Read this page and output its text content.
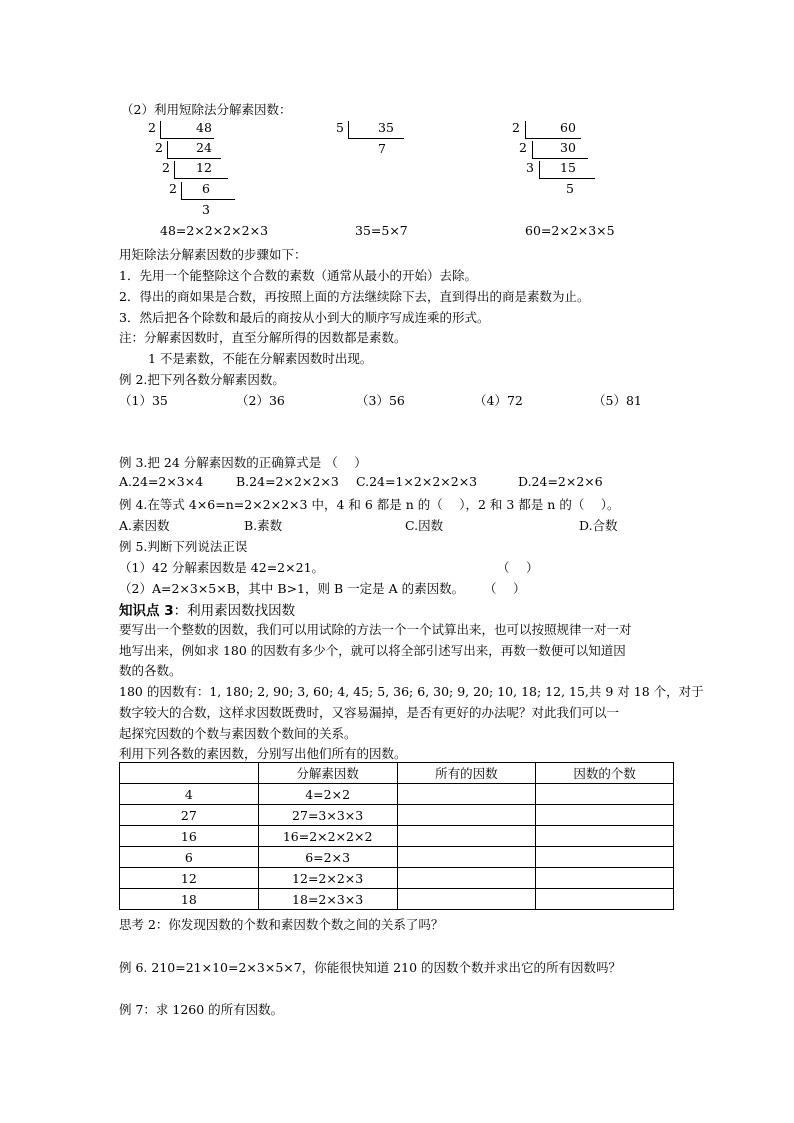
（2）利用短除法分解素因数：
2	48
2	24
2 12
2 6
3
48=2×2×2×2×3
5	35
7
35=5×7
2	60
2	30
3 15
5
60=2×2×3×5
用矩除法分解素因数的步骤如下：
1．先用一个能整除这个合数的素数（通常从最小的开始）去除。
2．得出的商如果是合数，再按照上面的方法继续除下去，直到得出的商是素数为止。
3．然后把各个除数和最后的商按从小到大的顺序写成连乘的形式。
注：分解素因数时，直至分解所得的因数都是素数。
1 不是素数，不能在分解素因数时出现。
例 2.把下列各数分解素因数。
（1）35	（2）36	（3）56	（4）72	（5）81
例 3.把 24 分解素因数的正确算式是 （　 ）
A.24=2×3×4	B.24=2×2×2×3 C.24=1×2×2×2×3	D.24=2×2×6
例 4.在等式 4×6=n=2×2×2×3 中，4 和 6 都是 n 的（　 ），2 和 3 都是 n 的（　 ）。
A.素因数	B.素数	C.因数	D.合数
例 5.判断下列说法正误
（1）42 分解素因数是 42=2×21。	（　 ）
（2）A=2×3×5×B，其中 B>1，则 B 一定是 A 的素因数。 （　 ）
知识点 3：利用素因数找因数
要写出一个整数的因数，我们可以用试除的方法一个一个试算出来，也可以按照规律一对一对
地写出来，例如求 180 的因数有多少个，就可以将全部引述写出来，再数一数便可以知道因
数的各数。
180 的因数有：1, 180; 2, 90; 3, 60; 4, 45; 5, 36; 6, 30; 9, 20; 10, 18; 12, 15,共 9 对 18 个，对于
数字较大的合数，这样求因数既费时，又容易漏掉，是否有更好的办法呢？对此我们可以一
起探究因数的个数与素因数个数间的关系。
利用下列各数的素因数，分别写出他们所有的因数。
	分解素因数	所有的因数	因数的个数
4	4=2×2		
27	27=3×3×3		
16	16=2×2×2×2		
6	6=2×3		
12	12=2×2×3		
18	18=2×3×3		
思考 2：你发现因数的个数和素因数个数之间的关系了吗？
例 6. 210=21×10=2×3×5×7，你能很快知道 210 的因数个数并求出它的所有因数吗？
例 7：求 1260 的所有因数。
